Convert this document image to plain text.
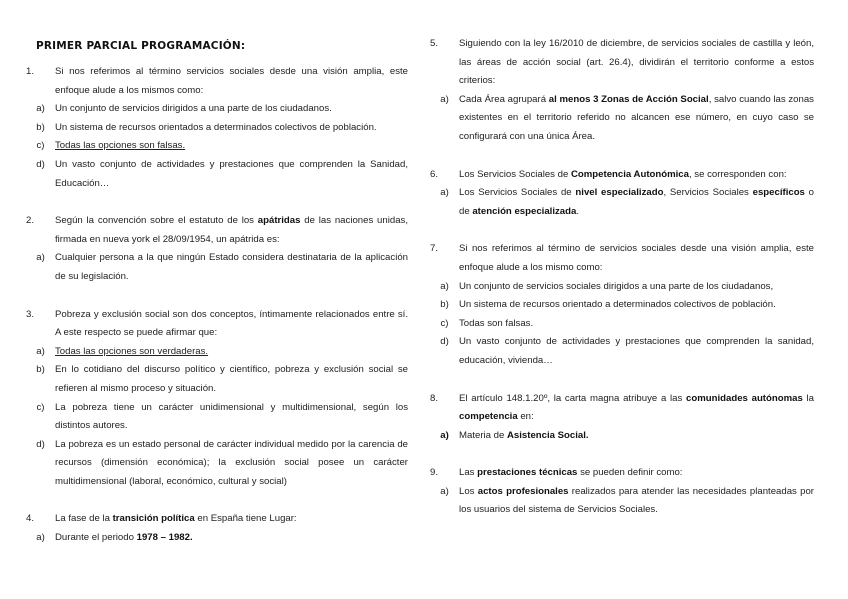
PRIMER PARCIAL PROGRAMACIÓN:
1.	Si nos referimos al término servicios sociales desde una visión amplia, este enfoque alude a los mismos como:
a)	Un conjunto de servicios dirigidos a una parte de los ciudadanos.
b)	Un sistema de recursos orientados a determinados colectivos de población.
c)	Todas las opciones son falsas.
d)	Un vasto conjunto de actividades y prestaciones que comprenden la Sanidad, Educación…
2.	Según la convención sobre el estatuto de los apátridas de las naciones unidas, firmada en nueva york el 28/09/1954, un apátrida es:
a)	Cualquier persona a la que ningún Estado considera destinataria de la aplicación de su legislación.
3.	Pobreza y exclusión social son dos conceptos, íntimamente relacionados entre sí. A este respecto se puede afirmar que:
a)	Todas las opciones son verdaderas.
b)	En lo cotidiano del discurso político y científico, pobreza y exclusión social se refieren al mismo proceso y situación.
c)	La pobreza tiene un carácter unidimensional y multidimensional, según los distintos autores.
d)	La pobreza es un estado personal de carácter individual medido por la carencia de recursos (dimensión económica); la exclusión social posee un carácter multidimensional (laboral, económico, cultural y social)
4.	La fase de la transición política en España tiene Lugar:
a)	Durante el periodo 1978 – 1982.
5.	Siguiendo con la ley 16/2010 de diciembre, de servicios sociales de castilla y león, las áreas de acción social (art. 26.4), dividirán el territorio conforme a estos criterios:
a)	Cada Área agrupará al menos 3 Zonas de Acción Social, salvo cuando las zonas existentes en el territorio referido no alcancen ese número, en cuyo caso se configurará con una única Área.
6.	Los Servicios Sociales de Competencia Autonómica, se corresponden con:
a)	Los Servicios Sociales de nivel especializado, Servicios Sociales específicos o de atención especializada.
7.	Si nos referimos al término de servicios sociales desde una visión amplia, este enfoque alude a los mismo como:
a)	Un conjunto de servicios sociales dirigidos a una parte de los ciudadanos,
b)	Un sistema de recursos orientado a determinados colectivos de población.
c)	Todas son falsas.
d)	Un vasto conjunto de actividades y prestaciones que comprenden la sanidad, educación, vivienda…
8.	El artículo 148.1.20º, la carta magna atribuye a las comunidades autónomas la competencia en:
a)	Materia de Asistencia Social.
9.	Las prestaciones técnicas se pueden definir como:
a)	Los actos profesionales realizados para atender las necesidades planteadas por los usuarios del sistema de Servicios Sociales.
